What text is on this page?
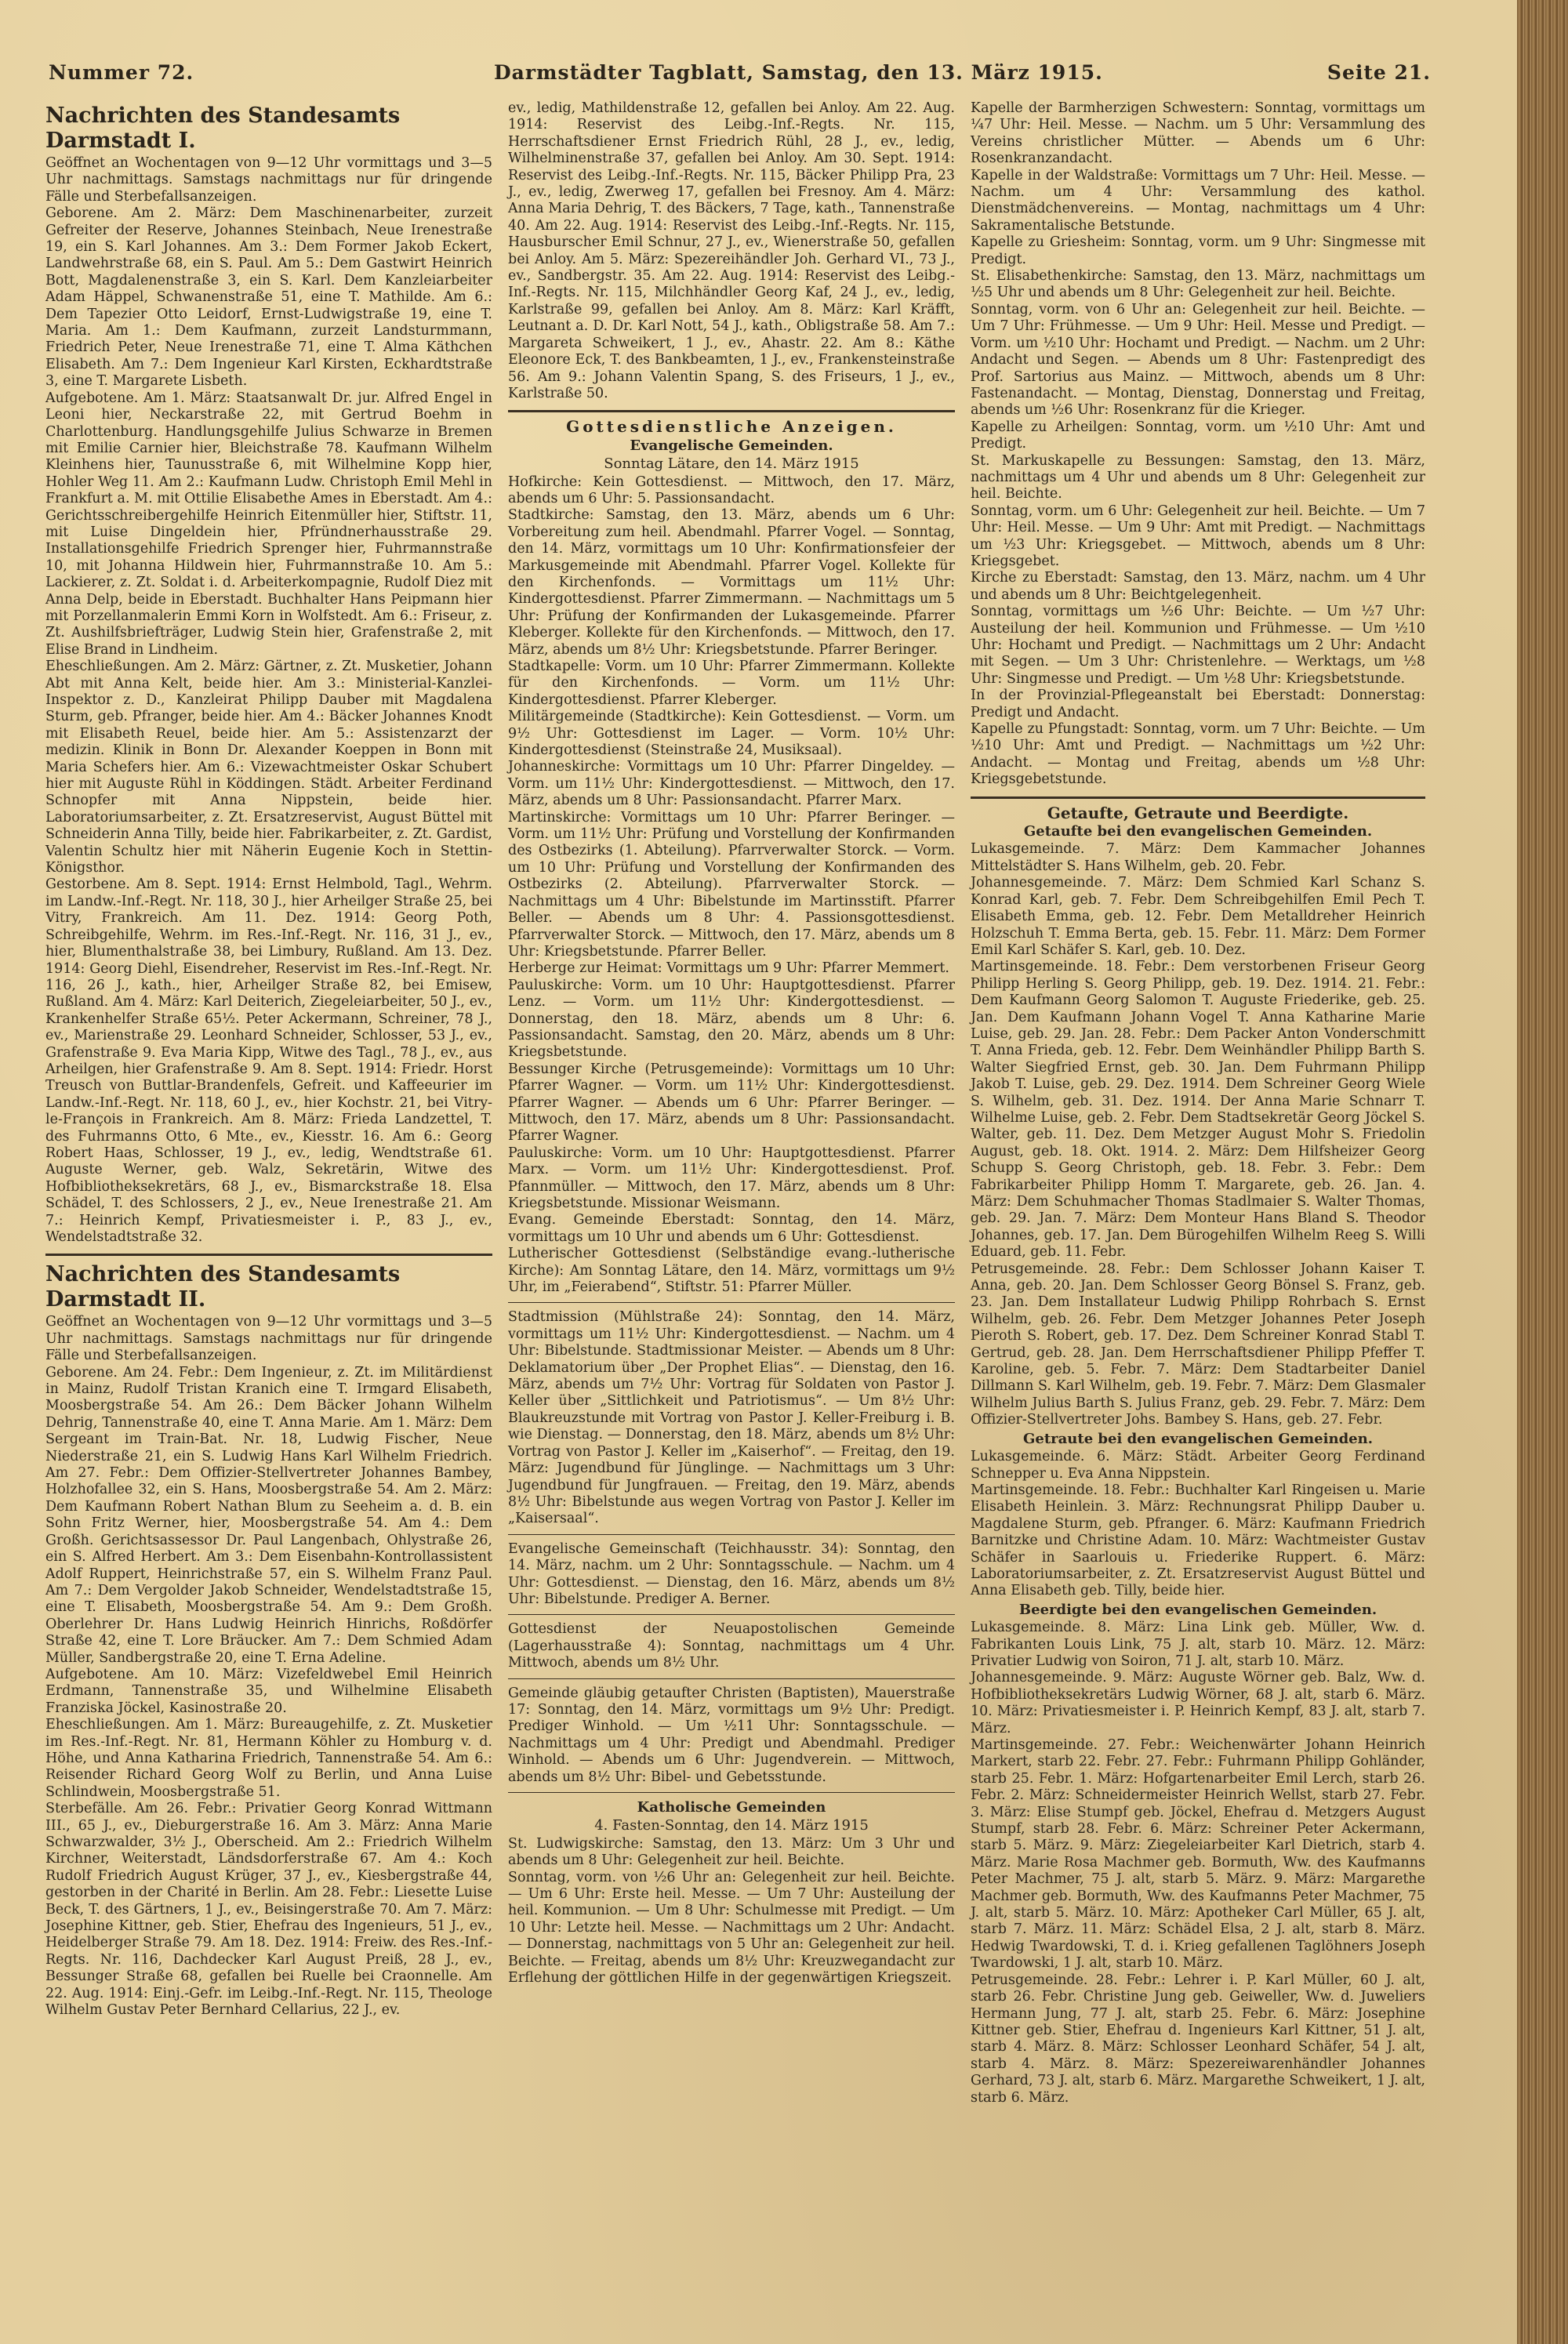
Nummer 72.	Darmstädter Tagblatt, Samstag, den 13. März 1915.	Seite 21.
Nachrichten des Standesamts Darmstadt I.

Geöffnet an Wochentagen von 9—12 Uhr vormittags und 3—5 Uhr nachmittags. Samstags nachmittags nur für dringende Fälle und Sterbefallsanzeigen.

Geborene. Am 2. März: Dem Maschinenarbeiter, zurzeit Gefreiter der Reserve, Johannes Steinbach, Neue Irenestraße 19, ein S. Karl Johannes. Am 3.: Dem Former Jakob Eckert, Landwehrstraße 68, ein S. Paul. Am 5.: Dem Gastwirt Heinrich Bott, Magdalenenstraße 3, ein S. Karl. Dem Kanzleiarbeiter Adam Häppel, Schwanenstraße 51, eine T. Mathilde. Am 6.: Dem Tapezier Otto Leidorf, Ernst-Ludwigstraße 19, eine T. Maria. Am 1.: Dem Kaufmann, zurzeit Landsturmmann, Friedrich Peter, Neue Irenestraße 71, eine T. Alma Käthchen Elisabeth. Am 7.: Dem Ingenieur Karl Kirsten, Eckhardtstraße 3, eine T. Margarete Lisbeth.

Aufgebotene. Am 1. März: Staatsanwalt Dr. jur. Alfred Engel in Leoni hier, Neckarstraße 22, mit Gertrud Boehm in Charlottenburg. Handlungsgehilfe Julius Schwarze in Bremen mit Emilie Carnier hier, Bleichstraße 78. Kaufmann Wilhelm Kleinhens hier, Taunusstraße 6, mit Wilhelmine Kopp hier, Hohler Weg 11. Am 2.: Kaufmann Ludw. Christoph Emil Mehl in Frankfurt a. M. mit Ottilie Elisabethe Ames in Eberstadt. Am 4.: Gerichtsschreibergehilfe Heinrich Eitenmüller hier, Stiftstr. 11, mit Luise Dingeldein hier, Pfründnerhausstraße 29. Installationsgehilfe Friedrich Sprenger hier, Fuhrmannstraße 10, mit Johanna Hildwein hier, Fuhrmannstraße 10. Am 5.: Lackierer, z. Zt. Soldat i. d. Arbeiterkompagnie, Rudolf Diez mit Anna Delp, beide in Eberstadt. Buchhalter Hans Peipmann hier mit Porzellanmalerin Emmi Korn in Wolfstedt. Am 6.: Friseur, z. Zt. Aushilfsbriefträger, Ludwig Stein hier, Grafenstraße 2, mit Elise Brand in Lindheim.

Eheschließungen. Am 2. März: Gärtner, z. Zt. Musketier, Johann Abt mit Anna Kelt, beide hier. Am 3.: Ministerial-Kanzlei-Inspektor z. D., Kanzleirat Philipp Dauber mit Magdalena Sturm, geb. Pfranger, beide hier. Am 4.: Bäcker Johannes Knodt mit Elisabeth Reuel, beide hier. Am 5.: Assistenzarzt der medizin. Klinik in Bonn Dr. Alexander Koeppen in Bonn mit Maria Schefers hier. Am 6.: Vizewachtmeister Oskar Schubert hier mit Auguste Rühl in Köddingen. Städt. Arbeiter Ferdinand Schnopfer mit Anna Nippstein, beide hier. Laboratoriumsarbeiter, z. Zt. Ersatzreservist, August Büttel mit Schneiderin Anna Tilly, beide hier. Fabrikarbeiter, z. Zt. Gardist, Valentin Schultz hier mit Näherin Eugenie Koch in Stettin-Königsthor.

Gestorbene. Am 8. Sept. 1914: Ernst Helmbold, Tagl., Wehrm. im Landw.-Inf.-Regt. Nr. 118, 30 J., hier Arheilger Straße 25, bei Vitry, Frankreich. Am 11. Dez. 1914: Georg Poth, Schreibgehilfe, Wehrm. im Res.-Inf.-Regt. Nr. 116, 31 J., ev., hier, Blumenthalstraße 38, bei Limbury, Rußland. Am 13. Dez. 1914: Georg Diehl, Eisendreher, Reservist im Res.-Inf.-Regt. Nr. 116, 26 J., kath., hier, Arheilger Straße 82, bei Emisew, Rußland. Am 4. März: Karl Deiterich, Ziegeleiarbeiter, 50 J., ev., Krankenhelfer Straße 65½. Peter Ackermann, Schreiner, 78 J., ev., Marienstraße 29. Leonhard Schneider, Schlosser, 53 J., ev., Grafenstraße 9. Eva Maria Kipp, Witwe des Tagl., 78 J., ev., aus Arheilgen, hier Grafenstraße 9. Am 8. Sept. 1914: Friedr. Horst Treusch von Buttlar-Brandenfels, Gefreit. und Kaffeeurier im Landw.-Inf.-Regt. Nr. 118, 60 J., ev., hier Kochstr. 21, bei Vitry-le-François in Frankreich. Am 8. März: Frieda Landzettel, T. des Fuhrmanns Otto, 6 Mte., ev., Kiesstr. 16. Am 6.: Georg Robert Haas, Schlosser, 19 J., ev., ledig, Wendtstraße 61. Auguste Werner, geb. Walz, Sekretärin, Witwe des Hofbibliotheksekretärs, 68 J., ev., Bismarckstraße 18. Elsa Schädel, T. des Schlossers, 2 J., ev., Neue Irenestraße 21. Am 7.: Heinrich Kempf, Privatiesmeister i. P., 83 J., ev., Wendelstadtstraße 32.

Nachrichten des Standesamts Darmstadt II.

Geöffnet an Wochentagen von 9—12 Uhr vormittags und 3—5 Uhr nachmittags. Samstags nachmittags nur für dringende Fälle und Sterbefallsanzeigen.

Geborene. Am 24. Febr.: Dem Ingenieur, z. Zt. im Militärdienst in Mainz, Rudolf Tristan Kranich eine T. Irmgard Elisabeth, Moosbergstraße 54. Am 26.: Dem Bäcker Johann Wilhelm Dehrig, Tannenstraße 40, eine T. Anna Marie. Am 1. März: Dem Sergeant im Train-Bat. Nr. 18, Ludwig Fischer, Neue Niederstraße 21, ein S. Ludwig Hans Karl Wilhelm Friedrich. Am 27. Febr.: Dem Offizier-Stellvertreter Johannes Bambey, Holzhofallee 32, ein S. Hans, Moosbergstraße 54. Am 2. März: Dem Kaufmann Robert Nathan Blum zu Seeheim a. d. B. ein Sohn Fritz Werner, hier, Moosbergstraße 54. Am 4.: Dem Großh. Gerichtsassessor Dr. Paul Langenbach, Ohlystraße 26, ein S. Alfred Herbert. Am 3.: Dem Eisenbahn-Kontrollassistent Adolf Ruppert, Heinrichstraße 57, ein S. Wilhelm Franz Paul. Am 7.: Dem Vergolder Jakob Schneider, Wendelstadtstraße 15, eine T. Elisabeth, Moosbergstraße 54. Am 9.: Dem Großh. Oberlehrer Dr. Hans Ludwig Heinrich Hinrichs, Roßdörfer Straße 42, eine T. Lore Bräucker. Am 7.: Dem Schmied Adam Müller, Sandbergstraße 20, eine T. Erna Adeline.

Aufgebotene. Am 10. März: Vizefeldwebel Emil Heinrich Erdmann, Tannenstraße 35, und Wilhelmine Elisabeth Franziska Jöckel, Kasinostraße 20.

Eheschließungen. Am 1. März: Bureaugehilfe, z. Zt. Musketier im Res.-Inf.-Regt. Nr. 81, Hermann Köhler zu Homburg v. d. Höhe, und Anna Katharina Friedrich, Tannenstraße 54. Am 6.: Reisender Richard Georg Wolf zu Berlin, und Anna Luise Schlindwein, Moosbergstraße 51.

Sterbefälle. Am 26. Febr.: Privatier Georg Konrad Wittmann III., 65 J., ev., Dieburgerstraße 16. Am 3. März: Anna Marie Schwarzwalder, 3½ J., Oberscheid. Am 2.: Friedrich Wilhelm Kirchner, Weiterstadt, Ländsdorferstraße 67. Am 4.: Koch Rudolf Friedrich August Krüger, 37 J., ev., Kiesbergstraße 44, gestorben in der Charité in Berlin. Am 28. Febr.: Liesette Luise Beck, T. des Gärtners, 1 J., ev., Beisingerstraße 70. Am 7. März: Josephine Kittner, geb. Stier, Ehefrau des Ingenieurs, 51 J., ev., Heidelberger Straße 79. Am 18. Dez. 1914: Freiw. des Res.-Inf.-Regts. Nr. 116, Dachdecker Karl August Preiß, 28 J., ev., Bessunger Straße 68, gefallen bei Ruelle bei Craonnelle. Am 22. Aug. 1914: Einj.-Gefr. im Leibg.-Inf.-Regt. Nr. 115, Theologe Wilhelm Gustav Peter Bernhard Cellarius, 22 J., ev.

ev., ledig, Mathildenstraße 12, gefallen bei Anloy. Am 22. Aug. 1914: Reservist des Leibg.-Inf.-Regts. Nr. 115, Herrschaftsdiener Ernst Friedrich Rühl, 28 J., ev., ledig, Wilhelminenstraße 37, gefallen bei Anloy. Am 30. Sept. 1914: Reservist des Leibg.-Inf.-Regts. Nr. 115, Bäcker Philipp Pra, 23 J., ev., ledig, Zwerweg 17, gefallen bei Fresnoy. Am 4. März: Anna Maria Dehrig, T. des Bäckers, 7 Tage, kath., Tannenstraße 40. Am 22. Aug. 1914: Reservist des Leibg.-Inf.-Regts. Nr. 115, Hausburscher Emil Schnur, 27 J., ev., Wienerstraße 50, gefallen bei Anloy. Am 5. März: Spezereihändler Joh. Gerhard VI., 73 J., ev., Sandbergstr. 35. Am 22. Aug. 1914: Reservist des Leibg.-Inf.-Regts. Nr. 115, Milchhändler Georg Kaf, 24 J., ev., ledig, Karlstraße 99, gefallen bei Anloy. Am 8. März: Karl Kräfft, Leutnant a. D. Dr. Karl Nott, 54 J., kath., Obligstraße 58. Am 7.: Margareta Schweikert, 1 J., ev., Ahastr. 22. Am 8.: Käthe Eleonore Eck, T. des Bankbeamten, 1 J., ev., Frankensteinstraße 56. Am 9.: Johann Valentin Spang, S. des Friseurs, 1 J., ev., Karlstraße 50.

Gottesdienstliche Anzeigen.
Evangelische Gemeinden.
Sonntag Lätare, den 14. März 1915

Hofkirche: Kein Gottesdienst. — Mittwoch, den 17. März, abends um 6 Uhr: 5. Passionsandacht.

Stadtkirche: Samstag, den 13. März, abends um 6 Uhr: Vorbereitung zum heil. Abendmahl. Pfarrer Vogel. — Sonntag, den 14. März, vormittags um 10 Uhr: Konfirmationsfeier der Markusgemeinde mit Abendmahl. Pfarrer Vogel. Kollekte für den Kirchenfonds. — Vormittags um 11½ Uhr: Kindergottesdienst. Pfarrer Zimmermann. — Nachmittags um 5 Uhr: Prüfung der Konfirmanden der Lukasgemeinde. Pfarrer Kleberger. Kollekte für den Kirchenfonds. — Mittwoch, den 17. März, abends um 8½ Uhr: Kriegsbetstunde. Pfarrer Beringer.

Stadtkapelle: Vorm. um 10 Uhr: Pfarrer Zimmermann. Kollekte für den Kirchenfonds. — Vorm. um 11½ Uhr: Kindergottesdienst. Pfarrer Kleberger.

Militärgemeinde (Stadtkirche): Kein Gottesdienst. — Vorm. um 9½ Uhr: Gottesdienst im Lager. — Vorm. 10½ Uhr: Kindergottesdienst (Steinstraße 24, Musiksaal).

Johanneskirche: Vormittags um 10 Uhr: Pfarrer Dingeldey. — Vorm. um 11½ Uhr: Kindergottesdienst. — Mittwoch, den 17. März, abends um 8 Uhr: Passionsandacht. Pfarrer Marx.

Martinskirche: Vormittags um 10 Uhr: Pfarrer Beringer. — Vorm. um 11½ Uhr: Prüfung und Vorstellung der Konfirmanden des Ostbezirks (1. Abteilung). Pfarrverwalter Storck. — Vorm. um 10 Uhr: Prüfung und Vorstellung der Konfirmanden des Ostbezirks (2. Abteilung). Pfarrverwalter Storck. — Nachmittags um 4 Uhr: Bibelstunde im Martinsstift. Pfarrer Beller. — Abends um 8 Uhr: 4. Passionsgottesdienst. Pfarrverwalter Storck. — Mittwoch, den 17. März, abends um 8 Uhr: Kriegsbetstunde. Pfarrer Beller.

Herberge zur Heimat: Vormittags um 9 Uhr: Pfarrer Memmert.

Pauluskirche: Vorm. um 10 Uhr: Hauptgottesdienst. Pfarrer Lenz. — Vorm. um 11½ Uhr: Kindergottesdienst. — Donnerstag, den 18. März, abends um 8 Uhr: 6. Passionsandacht. Samstag, den 20. März, abends um 8 Uhr: Kriegsbetstunde.

Bessunger Kirche (Petrusgemeinde): Vormittags um 10 Uhr: Pfarrer Wagner. — Vorm. um 11½ Uhr: Kindergottesdienst. Pfarrer Wagner. — Abends um 6 Uhr: Pfarrer Beringer. — Mittwoch, den 17. März, abends um 8 Uhr: Passionsandacht. Pfarrer Wagner.

Pauluskirche: Vorm. um 10 Uhr: Hauptgottesdienst. Pfarrer Marx. — Vorm. um 11½ Uhr: Kindergottesdienst. Prof. Pfannmüller. — Mittwoch, den 17. März, abends um 8 Uhr: Kriegsbetstunde. Missionar Weismann.

Evang. Gemeinde Eberstadt: Sonntag, den 14. März, vormittags um 10 Uhr und abends um 6 Uhr: Gottesdienst.

Lutherischer Gottesdienst (Selbständige evang.-lutherische Kirche): Am Sonntag Lätare, den 14. März, vormittags um 9½ Uhr, im „Feierabend“, Stiftstr. 51: Pfarrer Müller.

Stadtmission (Mühlstraße 24): Sonntag, den 14. März, vormittags um 11½ Uhr: Kindergottesdienst. — Nachm. um 4 Uhr: Bibelstunde. Stadtmissionar Meister. — Abends um 8 Uhr: Deklamatorium über „Der Prophet Elias“. — Dienstag, den 16. März, abends um 7½ Uhr: Vortrag für Soldaten von Pastor J. Keller über „Sittlichkeit und Patriotismus“. — Um 8½ Uhr: Blaukreuzstunde mit Vortrag von Pastor J. Keller-Freiburg i. B. wie Dienstag. — Donnerstag, den 18. März, abends um 8½ Uhr: Vortrag von Pastor J. Keller im „Kaiserhof“. — Freitag, den 19. März: Jugendbund für Jünglinge. — Nachmittags um 3 Uhr: Jugendbund für Jungfrauen. — Freitag, den 19. März, abends 8½ Uhr: Bibelstunde aus wegen Vortrag von Pastor J. Keller im „Kaisersaal“.

Evangelische Gemeinschaft (Teichhausstr. 34): Sonntag, den 14. März, nachm. um 2 Uhr: Sonntagsschule. — Nachm. um 4 Uhr: Gottesdienst. — Dienstag, den 16. März, abends um 8½ Uhr: Bibelstunde. Prediger A. Berner.

Gottesdienst der Neuapostolischen Gemeinde (Lagerhausstraße 4): Sonntag, nachmittags um 4 Uhr. Mittwoch, abends um 8½ Uhr.

Gemeinde gläubig getaufter Christen (Baptisten), Mauerstraße 17: Sonntag, den 14. März, vormittags um 9½ Uhr: Predigt. Prediger Winhold. — Um ½11 Uhr: Sonntagsschule. — Nachmittags um 4 Uhr: Predigt und Abendmahl. Prediger Winhold. — Abends um 6 Uhr: Jugendverein. — Mittwoch, abends um 8½ Uhr: Bibel- und Gebetsstunde.

Katholische Gemeinden
4. Fasten-Sonntag, den 14. März 1915

St. Ludwigskirche: Samstag, den 13. März: Um 3 Uhr und abends um 8 Uhr: Gelegenheit zur heil. Beichte.

Sonntag, vorm. von ½6 Uhr an: Gelegenheit zur heil. Beichte. — Um 6 Uhr: Erste heil. Messe. — Um 7 Uhr: Austeilung der heil. Kommunion. — Um 8 Uhr: Schulmesse mit Predigt. — Um 10 Uhr: Letzte heil. Messe. — Nachmittags um 2 Uhr: Andacht. — Donnerstag, nachmittags von 5 Uhr an: Gelegenheit zur heil. Beichte. — Freitag, abends um 8½ Uhr: Kreuzwegandacht zur Erflehung der göttlichen Hilfe in der gegenwärtigen Kriegszeit.

Kapelle der Barmherzigen Schwestern: Sonntag, vormittags um ¼7 Uhr: Heil. Messe. — Nachm. um 5 Uhr: Versammlung des Vereins christlicher Mütter. — Abends um 6 Uhr: Rosenkranzandacht.

Kapelle in der Waldstraße: Vormittags um 7 Uhr: Heil. Messe. — Nachm. um 4 Uhr: Versammlung des kathol. Dienstmädchenvereins. — Montag, nachmittags um 4 Uhr: Sakramentalische Betstunde.

Kapelle zu Griesheim: Sonntag, vorm. um 9 Uhr: Singmesse mit Predigt.

St. Elisabethenkirche: Samstag, den 13. März, nachmittags um ½5 Uhr und abends um 8 Uhr: Gelegenheit zur heil. Beichte.

Sonntag, vorm. von 6 Uhr an: Gelegenheit zur heil. Beichte. — Um 7 Uhr: Frühmesse. — Um 9 Uhr: Heil. Messe und Predigt. — Vorm. um ½10 Uhr: Hochamt und Predigt. — Nachm. um 2 Uhr: Andacht und Segen. — Abends um 8 Uhr: Fastenpredigt des Prof. Sartorius aus Mainz. — Mittwoch, abends um 8 Uhr: Fastenandacht. — Montag, Dienstag, Donnerstag und Freitag, abends um ½6 Uhr: Rosenkranz für die Krieger.

Kapelle zu Arheilgen: Sonntag, vorm. um ½10 Uhr: Amt und Predigt.

St. Markuskapelle zu Bessungen: Samstag, den 13. März, nachmittags um 4 Uhr und abends um 8 Uhr: Gelegenheit zur heil. Beichte.

Sonntag, vorm. um 6 Uhr: Gelegenheit zur heil. Beichte. — Um 7 Uhr: Heil. Messe. — Um 9 Uhr: Amt mit Predigt. — Nachmittags um ½3 Uhr: Kriegsgebet. — Mittwoch, abends um 8 Uhr: Kriegsgebet.

Kirche zu Eberstadt: Samstag, den 13. März, nachm. um 4 Uhr und abends um 8 Uhr: Beichtgelegenheit.

Sonntag, vormittags um ½6 Uhr: Beichte. — Um ½7 Uhr: Austeilung der heil. Kommunion und Frühmesse. — Um ½10 Uhr: Hochamt und Predigt. — Nachmittags um 2 Uhr: Andacht mit Segen. — Um 3 Uhr: Christenlehre. — Werktags, um ½8 Uhr: Singmesse und Predigt. — Um ½8 Uhr: Kriegsbetstunde.

In der Provinzial-Pflegeanstalt bei Eberstadt: Donnerstag: Predigt und Andacht.

Kapelle zu Pfungstadt: Sonntag, vorm. um 7 Uhr: Beichte. — Um ½10 Uhr: Amt und Predigt. — Nachmittags um ½2 Uhr: Andacht. — Montag und Freitag, abends um ½8 Uhr: Kriegsgebetstunde.

Getaufte, Getraute und Beerdigte.
Getaufte bei den evangelischen Gemeinden.

Lukasgemeinde. 7. März: Dem Kammacher Johannes Mittelstädter S. Hans Wilhelm, geb. 20. Febr.

Johannesgemeinde. 7. März: Dem Schmied Karl Schanz S. Konrad Karl, geb. 7. Febr. Dem Schreibgehilfen Emil Pech T. Elisabeth Emma, geb. 12. Febr. Dem Metalldreher Heinrich Holzschuh T. Emma Berta, geb. 15. Febr. 11. März: Dem Former Emil Karl Schäfer S. Karl, geb. 10. Dez.

Martinsgemeinde. 18. Febr.: Dem verstorbenen Friseur Georg Philipp Herling S. Georg Philipp, geb. 19. Dez. 1914. 21. Febr.: Dem Kaufmann Georg Salomon T. Auguste Friederike, geb. 25. Jan. Dem Kaufmann Johann Vogel T. Anna Katharine Marie Luise, geb. 29. Jan. 28. Febr.: Dem Packer Anton Vonderschmitt T. Anna Frieda, geb. 12. Febr. Dem Weinhändler Philipp Barth S. Walter Siegfried Ernst, geb. 30. Jan. Dem Fuhrmann Philipp Jakob T. Luise, geb. 29. Dez. 1914. Dem Schreiner Georg Wiele S. Wilhelm, geb. 31. Dez. 1914. Der Anna Marie Schnarr T. Wilhelme Luise, geb. 2. Febr. Dem Stadtsekretär Georg Jöckel S. Walter, geb. 11. Dez. Dem Metzger August Mohr S. Friedolin August, geb. 18. Okt. 1914. 2. März: Dem Hilfsheizer Georg Schupp S. Georg Christoph, geb. 18. Febr. 3. Febr.: Dem Fabrikarbeiter Philipp Homm T. Margarete, geb. 26. Jan. 4. März: Dem Schuhmacher Thomas Stadlmaier S. Walter Thomas, geb. 29. Jan. 7. März: Dem Monteur Hans Bland S. Theodor Johannes, geb. 17. Jan. Dem Bürogehilfen Wilhelm Reeg S. Willi Eduard, geb. 11. Febr.

Petrusgemeinde. 28. Febr.: Dem Schlosser Johann Kaiser T. Anna, geb. 20. Jan. Dem Schlosser Georg Bönsel S. Franz, geb. 23. Jan. Dem Installateur Ludwig Philipp Rohrbach S. Ernst Wilhelm, geb. 26. Febr. Dem Metzger Johannes Peter Joseph Pieroth S. Robert, geb. 17. Dez. Dem Schreiner Konrad Stabl T. Gertrud, geb. 28. Jan. Dem Herrschaftsdiener Philipp Pfeffer T. Karoline, geb. 5. Febr. 7. März: Dem Stadtarbeiter Daniel Dillmann S. Karl Wilhelm, geb. 19. Febr. 7. März: Dem Glasmaler Wilhelm Julius Barth S. Julius Franz, geb. 29. Febr. 7. März: Dem Offizier-Stellvertreter Johs. Bambey S. Hans, geb. 27. Febr.

Getraute bei den evangelischen Gemeinden.

Lukasgemeinde. 6. März: Städt. Arbeiter Georg Ferdinand Schnepper u. Eva Anna Nippstein.

Martinsgemeinde. 18. Febr.: Buchhalter Karl Ringeisen u. Marie Elisabeth Heinlein. 3. März: Rechnungsrat Philipp Dauber u. Magdalene Sturm, geb. Pfranger. 6. März: Kaufmann Friedrich Barnitzke und Christine Adam. 10. März: Wachtmeister Gustav Schäfer in Saarlouis u. Friederike Ruppert. 6. März: Laboratoriumsarbeiter, z. Zt. Ersatzreservist August Büttel und Anna Elisabeth geb. Tilly, beide hier.

Beerdigte bei den evangelischen Gemeinden.

Lukasgemeinde. 8. März: Lina Link geb. Müller, Ww. d. Fabrikanten Louis Link, 75 J. alt, starb 10. März. 12. März: Privatier Ludwig von Soiron, 71 J. alt, starb 10. März.

Johannesgemeinde. 9. März: Auguste Wörner geb. Balz, Ww. d. Hofbibliotheksekretärs Ludwig Wörner, 68 J. alt, starb 6. März. 10. März: Privatiesmeister i. P. Heinrich Kempf, 83 J. alt, starb 7. März.

Martinsgemeinde. 27. Febr.: Weichenwärter Johann Heinrich Markert, starb 22. Febr. 27. Febr.: Fuhrmann Philipp Gohländer, starb 25. Febr. 1. März: Hofgartenarbeiter Emil Lerch, starb 26. Febr. 2. März: Schneidermeister Heinrich Wellst, starb 27. Febr. 3. März: Elise Stumpf geb. Jöckel, Ehefrau d. Metzgers August Stumpf, starb 28. Febr. 6. März: Schreiner Peter Ackermann, starb 5. März. 9. März: Ziegeleiarbeiter Karl Dietrich, starb 4. März. Marie Rosa Machmer geb. Bormuth, Ww. des Kaufmanns Peter Machmer, 75 J. alt, starb 5. März. 9. März: Margarethe Machmer geb. Bormuth, Ww. des Kaufmanns Peter Machmer, 75 J. alt, starb 5. März. 10. März: Apotheker Carl Müller, 65 J. alt, starb 7. März. 11. März: Schädel Elsa, 2 J. alt, starb 8. März. Hedwig Twardowski, T. d. i. Krieg gefallenen Taglöhners Joseph Twardowski, 1 J. alt, starb 10. März.

Petrusgemeinde. 28. Febr.: Lehrer i. P. Karl Müller, 60 J. alt, starb 26. Febr. Christine Jung geb. Geiweller, Ww. d. Juweliers Hermann Jung, 77 J. alt, starb 25. Febr. 6. März: Josephine Kittner geb. Stier, Ehefrau d. Ingenieurs Karl Kittner, 51 J. alt, starb 4. März. 8. März: Schlosser Leonhard Schäfer, 54 J. alt, starb 4. März. 8. März: Spezereiwarenhändler Johannes Gerhard, 73 J. alt, starb 6. März. Margarethe Schweikert, 1 J. alt, starb 6. März.
